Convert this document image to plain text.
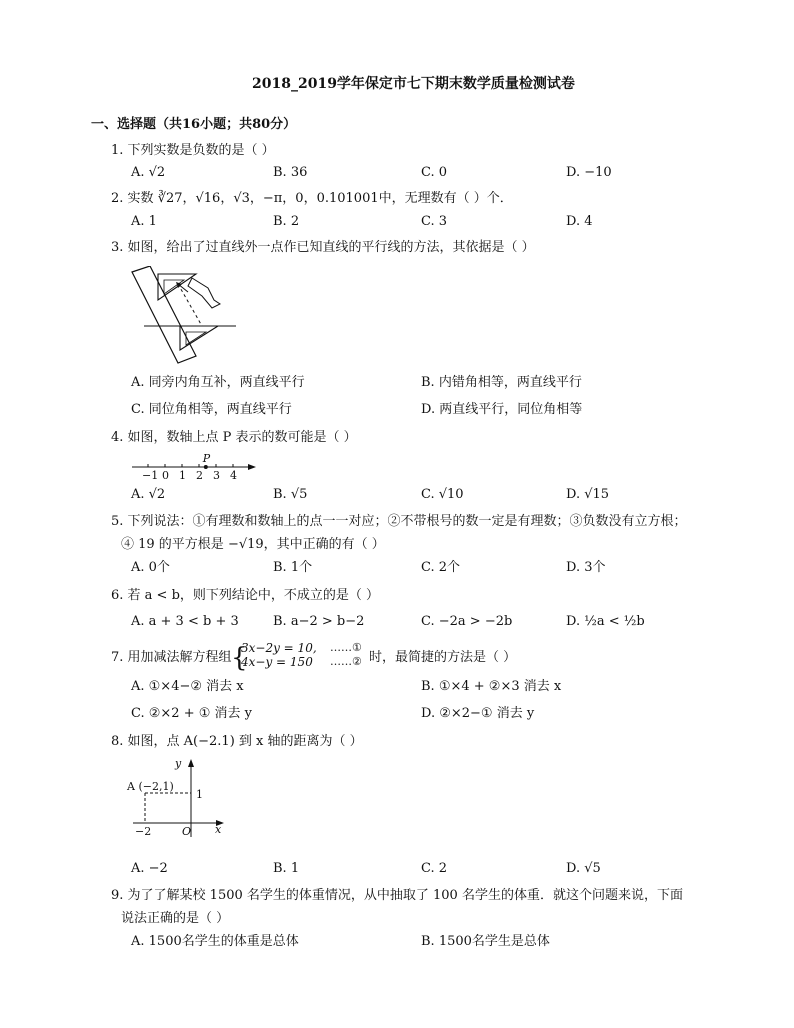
2018_2019学年保定市七下期末数学质量检测试卷
一、选择题（共16小题；共80分）
1. 下列实数是负数的是（ ）
A. √2	B. 36	C. 0	D. −10
2. 实数 ∛27，√16，√3，−π，0，0.101001中，无理数有（ ）个．
A. 1	B. 2	C. 3	D. 4
3. 如图，给出了过直线外一点作已知直线的平行线的方法，其依据是（ ）
A. 同旁内角互补，两直线平行	B. 内错角相等，两直线平行
C. 同位角相等，两直线平行	D. 两直线平行，同位角相等
4. 如图，数轴上点 P 表示的数可能是（ ）
−1 0 1 2 3 4
P
A. √2	B. √5	C. √10	D. √15
5. 下列说法：①有理数和数轴上的点一一对应；②不带根号的数一定是有理数；③负数没有立方根；
④ 19 的平方根是 −√19，其中正确的有（ ）
A. 0个	B. 1个	C. 2个	D. 3个
6. 若 a < b，则下列结论中，不成立的是（ ）
A. a + 3 < b + 3	B. a−2 > b−2	C. −2a > −2b	D. ½a < ½b
7. 用加减法解方程组 {
3x−2y = 10,
4x−y = 150
……①
……② 时，最简捷的方法是（ ）
A. ①×4−② 消去 x	B. ①×4 + ②×3 消去 x
C. ②×2 + ① 消去 y	D. ②×2−① 消去 y
8. 如图，点 A(−2.1) 到 x 轴的距离为（ ）
y
x
A (−2,1)
1
−2	O
A. −2	B. 1	C. 2	D. √5
9. 为了了解某校 1500 名学生的体重情况，从中抽取了 100 名学生的体重．就这个问题来说，下面
说法正确的是（ ）
A. 1500名学生的体重是总体	B. 1500名学生是总体
